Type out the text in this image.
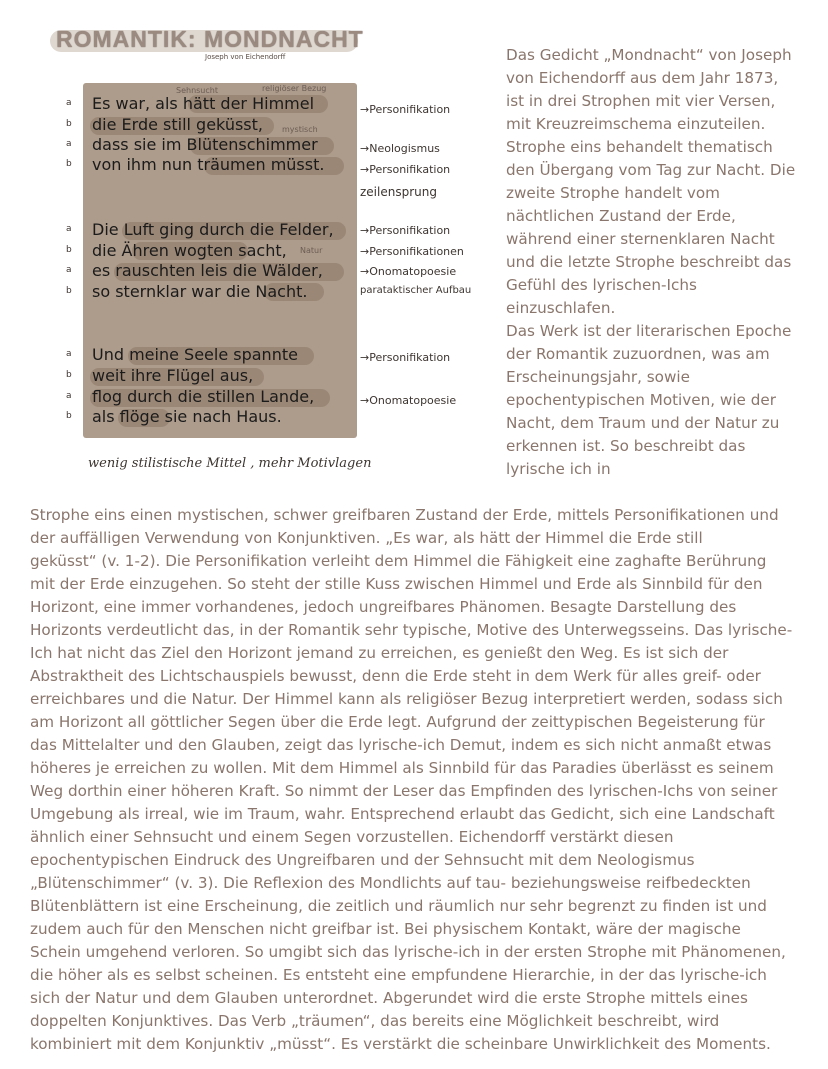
ROMANTIK: MONDNACHT
Joseph von Eichendorff
religiöser Bezug
Sehnsucht
mystisch
Natur
a Es war, als hätt der Himmel
b die Erde still geküsst,
a dass sie im Blütenschimmer
b von ihm nun träumen müsst.
a Die Luft ging durch die Felder,
b die Ähren wogten sacht,
a es rauschten leis die Wälder,
b so sternklar war die Nacht.
a Und meine Seele spannte
b weit ihre Flügel aus,
a flog durch die stillen Lande,
b als flöge sie nach Haus.
→Personifikation
→Neologismus
→Personifikation
zeilensprung
→Personifikation
→Personifikationen
→Onomatopoesie
parataktischer Aufbau
→Personifikation
→Onomatopoesie
wenig stilistische Mittel , mehr Motivlagen

Das Gedicht „Mondnacht“ von Joseph von Eichendorff aus dem Jahr 1873, ist in drei Strophen mit vier Versen, mit Kreuzreimschema einzuteilen. Strophe eins behandelt thematisch den Übergang vom Tag zur Nacht. Die zweite Strophe handelt vom nächtlichen Zustand der Erde, während einer sternenklaren Nacht und die letzte Strophe beschreibt das Gefühl des lyrischen-Ichs einzuschlafen.

Das Werk ist der literarischen Epoche der Romantik zuzuordnen, was am Erscheinungsjahr, sowie epochentypischen Motiven, wie der Nacht, dem Traum und der Natur zu erkennen ist. So beschreibt das lyrische ich in

Strophe eins einen mystischen, schwer greifbaren Zustand der Erde, mittels Personifikationen und
der auffälligen Verwendung von Konjunktiven. „Es war, als hätt der Himmel die Erde still
geküsst“ (v. 1-2). Die Personifikation verleiht dem Himmel die Fähigkeit eine zaghafte Berührung
mit der Erde einzugehen. So steht der stille Kuss zwischen Himmel und Erde als Sinnbild für den
Horizont, eine immer vorhandenes, jedoch ungreifbares Phänomen. Besagte Darstellung des
Horizonts verdeutlicht das, in der Romantik sehr typische, Motive des Unterwegsseins. Das lyrische-
Ich hat nicht das Ziel den Horizont jemand zu erreichen, es genießt den Weg. Es ist sich der
Abstraktheit des Lichtschauspiels bewusst, denn die Erde steht in dem Werk für alles greif- oder
erreichbares und die Natur. Der Himmel kann als religiöser Bezug interpretiert werden, sodass sich
am Horizont all göttlicher Segen über die Erde legt. Aufgrund der zeittypischen Begeisterung für
das Mittelalter und den Glauben, zeigt das lyrische-ich Demut, indem es sich nicht anmaßt etwas
höheres je erreichen zu wollen. Mit dem Himmel als Sinnbild für das Paradies überlässt es seinem
Weg dorthin einer höheren Kraft. So nimmt der Leser das Empfinden des lyrischen-Ichs von seiner
Umgebung als irreal, wie im Traum, wahr. Entsprechend erlaubt das Gedicht, sich eine Landschaft
ähnlich einer Sehnsucht und einem Segen vorzustellen. Eichendorff verstärkt diesen
epochentypischen Eindruck des Ungreifbaren und der Sehnsucht mit dem Neologismus
„Blütenschimmer“ (v. 3). Die Reflexion des Mondlichts auf tau- beziehungsweise reifbedeckten
Blütenblättern ist eine Erscheinung, die zeitlich und räumlich nur sehr begrenzt zu finden ist und
zudem auch für den Menschen nicht greifbar ist. Bei physischem Kontakt, wäre der magische
Schein umgehend verloren. So umgibt sich das lyrische-ich in der ersten Strophe mit Phänomenen,
die höher als es selbst scheinen. Es entsteht eine empfundene Hierarchie, in der das lyrische-ich
sich der Natur und dem Glauben unterordnet. Abgerundet wird die erste Strophe mittels eines
doppelten Konjunktives. Das Verb „träumen“, das bereits eine Möglichkeit beschreibt, wird
kombiniert mit dem Konjunktiv „müsst“. Es verstärkt die scheinbare Unwirklichkeit des Moments.
